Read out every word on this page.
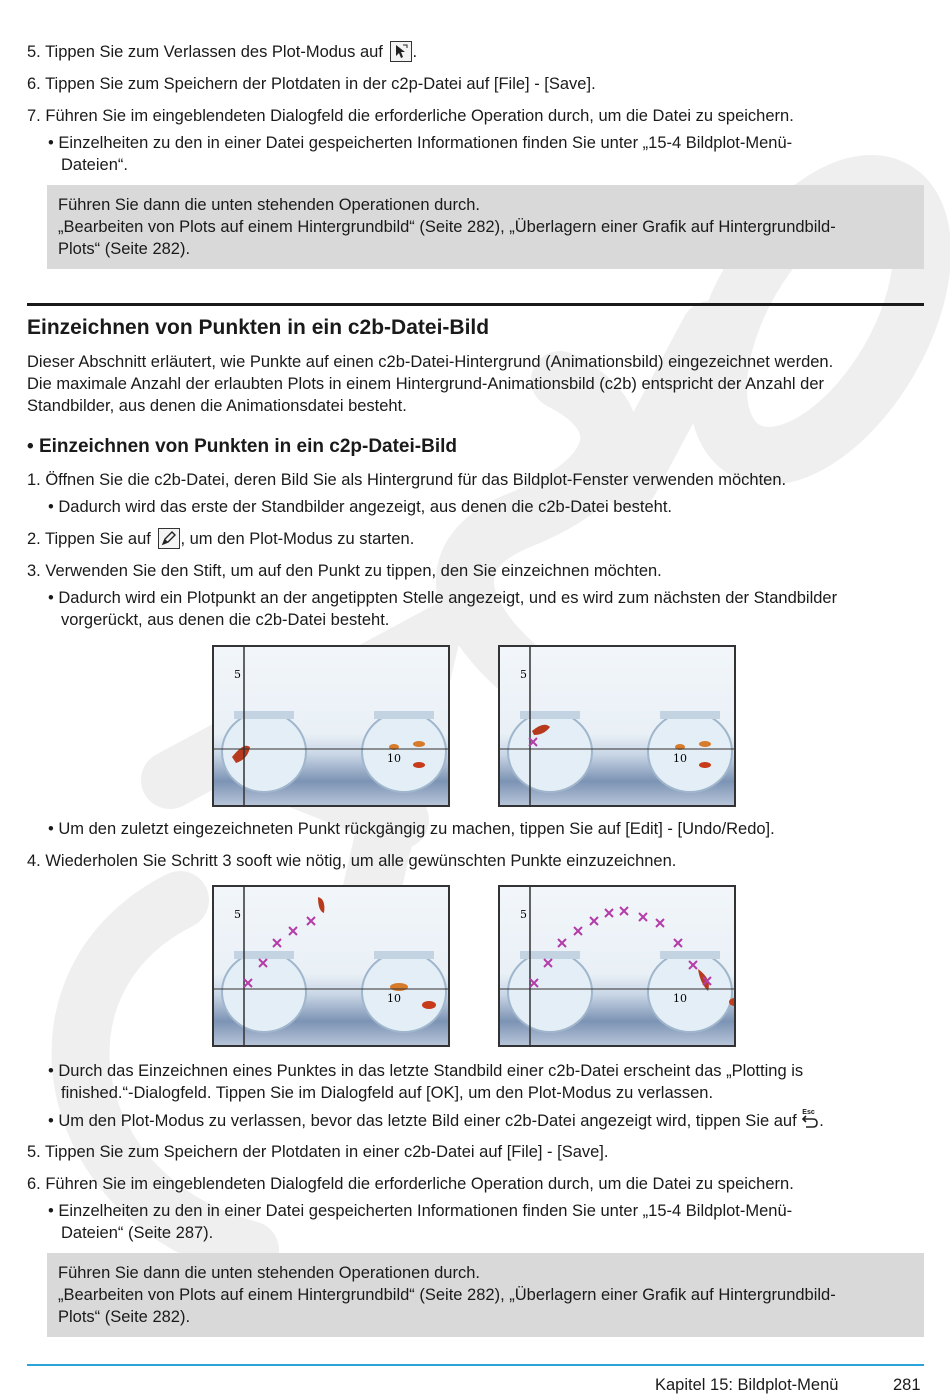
5. Tippen Sie zum Verlassen des Plot-Modus auf .
6. Tippen Sie zum Speichern der Plotdaten in der c2p-Datei auf [File] - [Save].
7. Führen Sie im eingeblendeten Dialogfeld die erforderliche Operation durch, um die Datei zu speichern.
• Einzelheiten zu den in einer Datei gespeicherten Informationen finden Sie unter „15-4 Bildplot-Menü-
Dateien“.
Führen Sie dann die unten stehenden Operationen durch.
„Bearbeiten von Plots auf einem Hintergrundbild“ (Seite 282), „Überlagern einer Grafik auf Hintergrundbild-
Plots“ (Seite 282).
Einzeichnen von Punkten in ein c2b-Datei-Bild
Dieser Abschnitt erläutert, wie Punkte auf einen c2b-Datei-Hintergrund (Animationsbild) eingezeichnet werden.
Die maximale Anzahl der erlaubten Plots in einem Hintergrund-Animationsbild (c2b) entspricht der Anzahl der
Standbilder, aus denen die Animationsdatei besteht.
• Einzeichnen von Punkten in ein c2p-Datei-Bild
1. Öffnen Sie die c2b-Datei, deren Bild Sie als Hintergrund für das Bildplot-Fenster verwenden möchten.
• Dadurch wird das erste der Standbilder angezeigt, aus denen die c2b-Datei besteht.
2. Tippen Sie auf , um den Plot-Modus zu starten.
3. Verwenden Sie den Stift, um auf den Punkt zu tippen, den Sie einzeichnen möchten.
• Dadurch wird ein Plotpunkt an der angetippten Stelle angezeigt, und es wird zum nächsten der Standbilder
vorgerückt, aus denen die c2b-Datei besteht.
5
10
5
10
• Um den zuletzt eingezeichneten Punkt rückgängig zu machen, tippen Sie auf [Edit] - [Undo/Redo].
4. Wiederholen Sie Schritt 3 sooft wie nötig, um alle gewünschten Punkte einzuzeichnen.
5
10
5
10
• Durch das Einzeichnen eines Punktes in das letzte Standbild einer c2b-Datei erscheint das „Plotting is
finished.“-Dialogfeld. Tippen Sie im Dialogfeld auf [OK], um den Plot-Modus zu verlassen.
• Um den Plot-Modus zu verlassen, bevor das letzte Bild einer c2b-Datei angezeigt wird, tippen Sie auf Esc .
5. Tippen Sie zum Speichern der Plotdaten in einer c2b-Datei auf [File] - [Save].
6. Führen Sie im eingeblendeten Dialogfeld die erforderliche Operation durch, um die Datei zu speichern.
• Einzelheiten zu den in einer Datei gespeicherten Informationen finden Sie unter „15-4 Bildplot-Menü-
Dateien“ (Seite 287).
Führen Sie dann die unten stehenden Operationen durch.
„Bearbeiten von Plots auf einem Hintergrundbild“ (Seite 282), „Überlagern einer Grafik auf Hintergrundbild-
Plots“ (Seite 282).
Kapitel 15: Bildplot-Menü	281
